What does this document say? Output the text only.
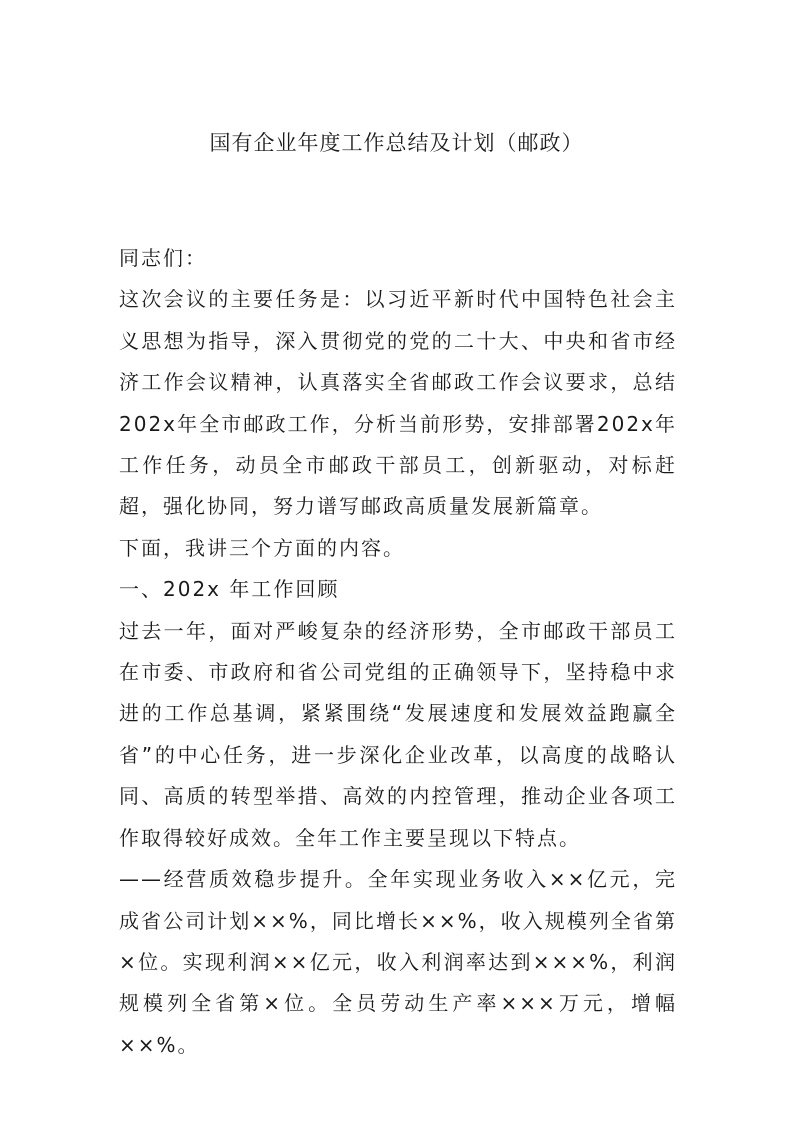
国有企业年度工作总结及计划（邮政）

同志们：

这次会议的主要任务是：以习近平新时代中国特色社会主义思想为指导，深入贯彻党的党的二十大、中央和省市经济工作会议精神，认真落实全省邮政工作会议要求，总结202x年全市邮政工作，分析当前形势，安排部署202x年工作任务，动员全市邮政干部员工，创新驱动，对标赶超，强化协同，努力谱写邮政高质量发展新篇章。

下面，我讲三个方面的内容。

一、202x 年工作回顾

过去一年，面对严峻复杂的经济形势，全市邮政干部员工在市委、市政府和省公司党组的正确领导下，坚持稳中求进的工作总基调，紧紧围绕“发展速度和发展效益跑赢全省”的中心任务，进一步深化企业改革，以高度的战略认同、高质的转型举措、高效的内控管理，推动企业各项工作取得较好成效。全年工作主要呈现以下特点。

——经营质效稳步提升。全年实现业务收入××亿元，完成省公司计划××%，同比增长××%，收入规模列全省第×位。实现利润××亿元，收入利润率达到×××%，利润规模列全省第×位。全员劳动生产率×××万元，增幅××%。
